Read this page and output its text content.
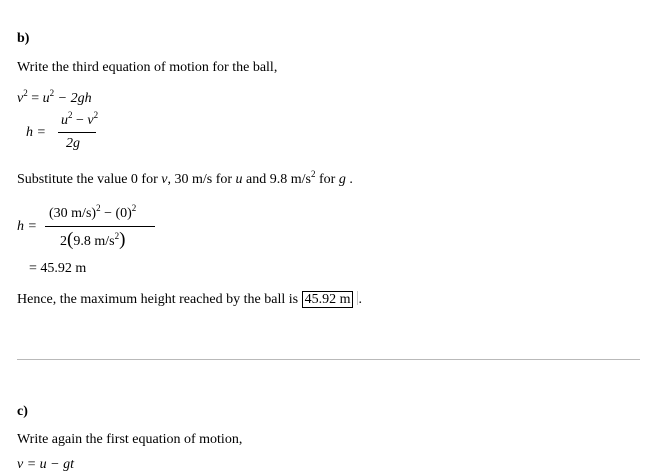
b)
Write the third equation of motion for the ball,
$v^2 = u^2 - 2gh$
h =
$u^2 - v^2$
2g
Substitute the value 0 for v, 30 m/s for u and 9.8 $m/s^2$ for g .
h =
(30 $m/s)^2 - (0)^2$
2(9.8 $m/s^2$)
= 45.92 m
Hence, the maximum height reached by the ball is 45.92 m .
c)
Write again the first equation of motion,
v = u − gt
